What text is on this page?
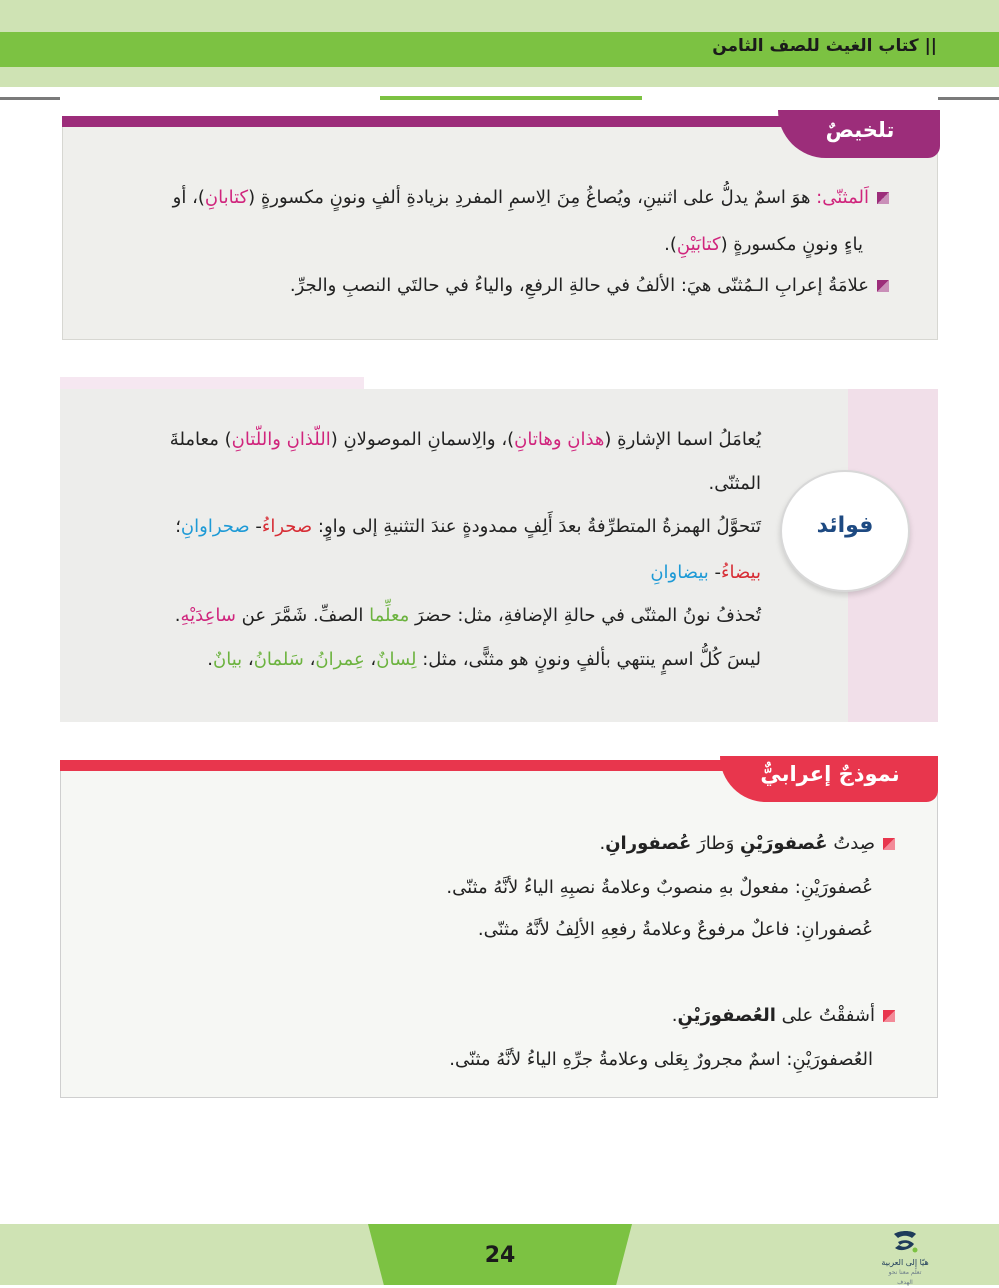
|| كتاب الغيث للصف الثامن
تلخيصٌ
اَلمثنّى: هوَ اسمٌ يدلُّ على اثنينِ، ويُصاغُ مِنَ الِاسمِ المفردِ بزيادةِ ألفٍ ونونٍ مكسورةٍ (كتابانِ)، أو
ياءٍ ونونٍ مكسورةٍ (كتابَيْنِ).
علامَةُ إعرابِ الـمُثنّى هيَ: الألفُ في حالةِ الرفعِ، والياءُ في حالتَي النصبِ والجرِّ.
فوائد
يُعامَلُ اسما الإشارةِ (هذانِ وهاتانِ)، والِاسمانِ الموصولانِ (اللّذانِ واللّتانِ) معاملةَ
المثنّى.
تَتحوَّلُ الهمزةُ المتطرِّفةُ بعدَ أَلِفٍ ممدودةٍ عندَ التثنيةِ إلى واوٍ: صحراءُ- صحراوانِ؛
بيضاءُ- بيضاوانِ
تُحذفُ نونُ المثنّى في حالةِ الإضافةِ، مثل: حضرَ معلِّما الصفِّ. شَمَّرَ عن ساعِدَيْهِ.
ليسَ كُلُّ اسمٍ ينتهي بألفٍ ونونٍ هو مثنًّى، مثل: لِسانٌ، عِمرانُ، سَلمانُ، بيانٌ.
نموذجٌ إعرابيٌّ
صِدتُ عُصفورَيْنِ وَطارَ عُصفورانِ.
عُصفورَيْنِ: مفعولٌ بهِ منصوبٌ وعلامةُ نصبِهِ الياءُ لأنَّهُ مثنّى.
عُصفورانِ: فاعلٌ مرفوعٌ وعلامةُ رفعِهِ الألِفُ لأنَّهُ مثنّى.
أشفقْتُ على العُصفورَيْنِ.
العُصفورَيْنِ: اسمٌ مجرورٌ بِعَلى وعلامةُ جرِّهِ الياءُ لأنَّهُ مثنّى.
24	هيّا إلى العربية
تعلّم معنا نحو الهدف
